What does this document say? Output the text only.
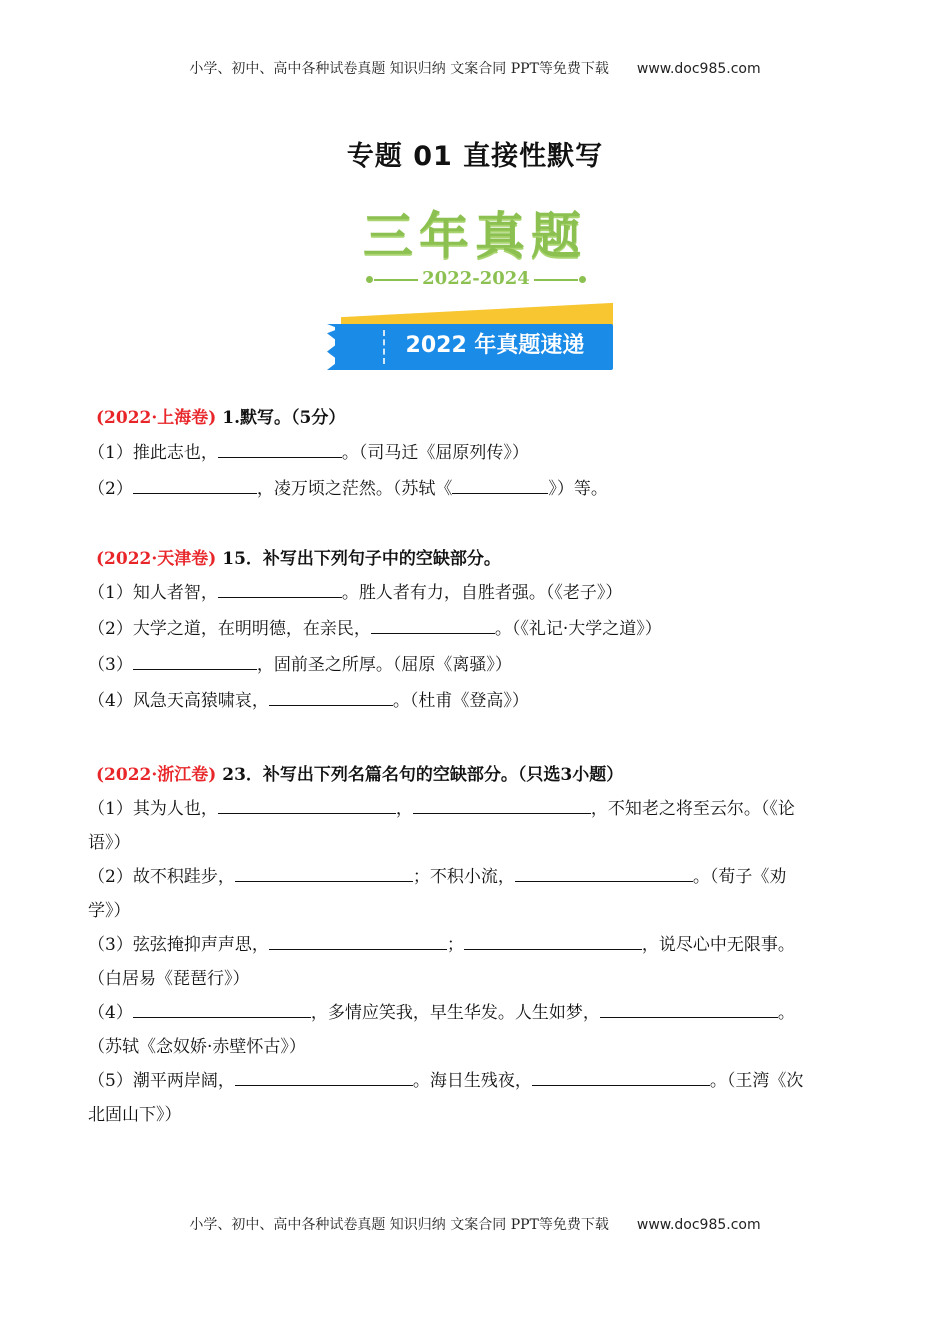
小学、初中、高中各种试卷真题 知识归纳 文案合同 PPT等免费下载 www.doc985.com
专题 01 直接性默写
三年真题
2022-2024
2022 年真题速递
(2022·上海卷) 1.默写。（5分）
（1）推此志也，	。（司马迁《屈原列传》）
（2）	，凌万顷之茫然。（苏轼《	》）等。
(2022·天津卷) 15．补写出下列句子中的空缺部分。
（1）知人者智，	。胜人者有力，自胜者强。（《老子》）
（2）大学之道，在明明德，在亲民，	。（《礼记·大学之道》）
（3）	，固前圣之所厚。（屈原《离骚》）
（4）风急天高猿啸哀，	。（杜甫《登高》）
(2022·浙江卷) 23．补写出下列名篇名句的空缺部分。（只选3小题）
（1）其为人也，	，	，不知老之将至云尔。（《论
语》）
（2）故不积跬步，	；不积小流，	。（荀子《劝
学》）
（3）弦弦掩抑声声思，	；	，说尽心中无限事。
（白居易《琵琶行》）
（4）	，多情应笑我，早生华发。人生如梦，	。
（苏轼《念奴娇·赤壁怀古》）
（5）潮平两岸阔，	。海日生残夜，	。（王湾《次
北固山下》）
小学、初中、高中各种试卷真题 知识归纳 文案合同 PPT等免费下载 www.doc985.com
